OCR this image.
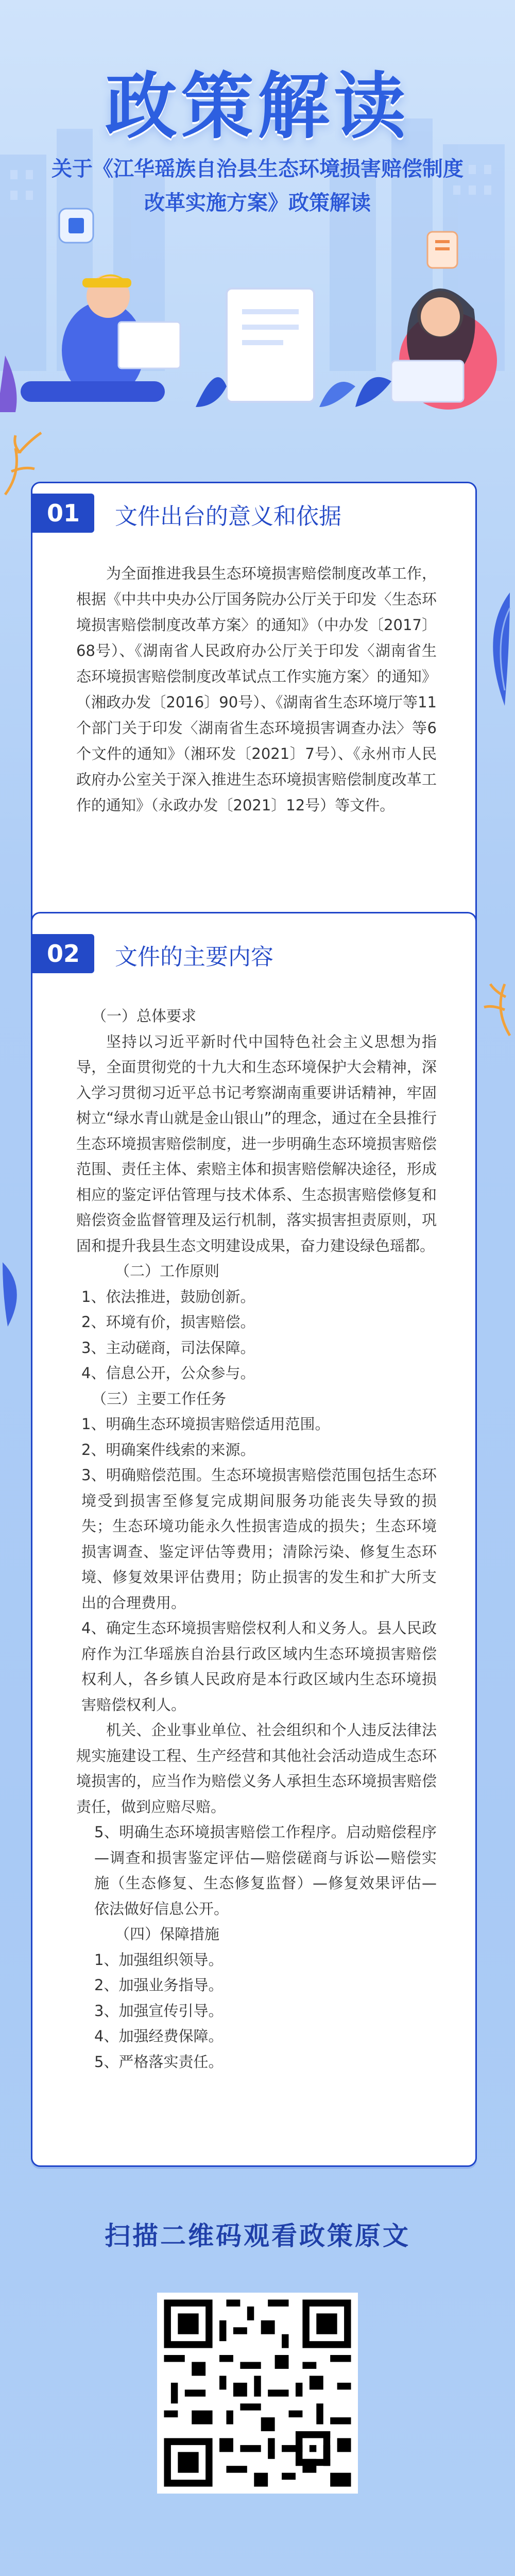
政策解读
关于《江华瑶族自治县生态环境损害赔偿制度改革实施方案》政策解读
01	文件出台的意义和依据

为全面推进我县生态环境损害赔偿制度改革工作，根据《中共中央办公厅国务院办公厅关于印发〈生态环境损害赔偿制度改革方案〉的通知》（中办发〔2017〕68号）、《湖南省人民政府办公厅关于印发〈湖南省生态环境损害赔偿制度改革试点工作实施方案〉的通知》（湘政办发〔2016〕90号）、《湖南省生态环境厅等11个部门关于印发〈湖南省生态环境损害调查办法〉等6个文件的通知》（湘环发〔2021〕7号）、《永州市人民政府办公室关于深入推进生态环境损害赔偿制度改革工作的通知》（永政办发〔2021〕12号）等文件。

02	文件的主要内容

（一）总体要求

坚持以习近平新时代中国特色社会主义思想为指导，全面贯彻党的十九大和生态环境保护大会精神，深入学习贯彻习近平总书记考察湖南重要讲话精神，牢固树立“绿水青山就是金山银山”的理念，通过在全县推行生态环境损害赔偿制度，进一步明确生态环境损害赔偿范围、责任主体、索赔主体和损害赔偿解决途径，形成相应的鉴定评估管理与技术体系、生态损害赔偿修复和赔偿资金监督管理及运行机制，落实损害担责原则，巩固和提升我县生态文明建设成果，奋力建设绿色瑶都。

（二）工作原则

1、依法推进，鼓励创新。

2、环境有价，损害赔偿。

3、主动磋商，司法保障。

4、信息公开，公众参与。

（三）主要工作任务

1、明确生态环境损害赔偿适用范围。

2、明确案件线索的来源。

3、明确赔偿范围。生态环境损害赔偿范围包括生态环境受到损害至修复完成期间服务功能丧失导致的损失；生态环境功能永久性损害造成的损失；生态环境损害调查、鉴定评估等费用；清除污染、修复生态环境、修复效果评估费用；防止损害的发生和扩大所支出的合理费用。

4、确定生态环境损害赔偿权利人和义务人。县人民政府作为江华瑶族自治县行政区域内生态环境损害赔偿权利人，各乡镇人民政府是本行政区域内生态环境损害赔偿权利人。

机关、企业事业单位、社会组织和个人违反法律法规实施建设工程、生产经营和其他社会活动造成生态环境损害的，应当作为赔偿义务人承担生态环境损害赔偿责任，做到应赔尽赔。

5、明确生态环境损害赔偿工作程序。启动赔偿程序—调查和损害鉴定评估—赔偿磋商与诉讼—赔偿实施（生态修复、生态修复监督）—修复效果评估—依法做好信息公开。

（四）保障措施

1、加强组织领导。

2、加强业务指导。

3、加强宣传引导。

4、加强经费保障。

5、严格落实责任。

扫描二维码观看政策原文
